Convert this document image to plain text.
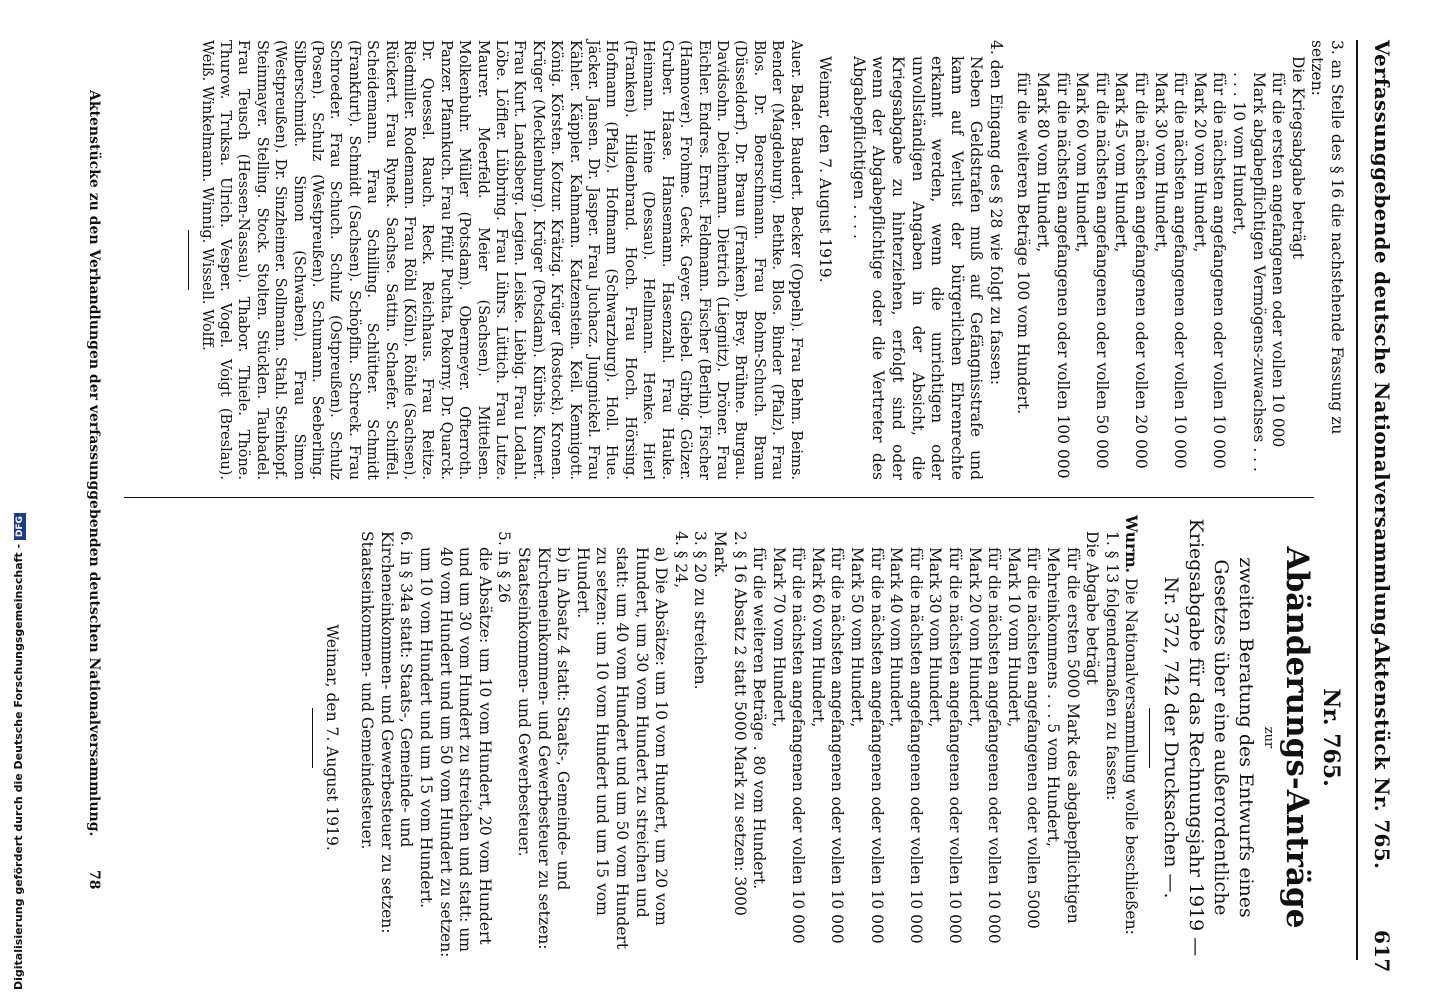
Verfassunggebende deutsche Nationalversammlung.
Aktenstück Nr. 765.
617

3. an Stelle des § 16 die nachstehende Fassung zu setzen:

Die Kriegsabgabe beträgt

für die ersten angefangenen oder vollen 10 000 Mark abgabepflichtigen Vermögens-zuwachses . . . . . . 10 vom Hundert,

für die nächsten angefangenen oder vollen 10 000 Mark 20 vom Hundert,

für die nächsten angefangenen oder vollen 10 000 Mark 30 vom Hundert,

für die nächsten angefangenen oder vollen 20 000 Mark 45 vom Hundert,

für die nächsten angefangenen oder vollen 50 000 Mark 60 vom Hundert,

für die nächsten angefangenen oder vollen 100 000 Mark 80 vom Hundert,

für die weiteren Beträge 100 vom Hundert.

4. den Eingang des § 28 wie folgt zu fassen:

Neben Geldstrafen muß auf Gefängnisstrafe und kann auf Verlust der bürgerlichen Ehrenrechte erkannt werden, wenn die unrichtigen oder unvollständigen Angaben in der Absicht, die Kriegsabgabe zu hinterziehen, erfolgt sind oder wenn der Abgabepflichtige oder die Vertreter des Abgabepflichtigen . . . .

Weimar, den 7. August 1919.

Auer. Bader. Baudert. Becker (Oppeln). Frau Behm. Beims. Bender (Magdeburg). Bethke. Blos. Binder (Pfalz). Frau Blos. Dr. Boerschmann. Frau Bohm-Schuch. Braun (Düsseldorf). Dr. Braun (Franken). Brey. Brühne. Burgau. Davidsohn. Deichmann. Dietrich (Liegnitz). Dröner. Frau Eichler. Endres. Ernst. Feldmann. Fischer (Berlin). Fischer (Hannover). Frohme. Geck. Geyer. Giebel. Girbig. Gölzer. Gruber. Haase. Hansemann. Hasenzahl. Frau Hauke. Heimann. Heine (Dessau). Hellmann. Henke. Hierl (Franken). Hildenbrand. Hoch. Frau Hoch. Hörsing. Hofmann (Pfalz). Hofmann (Schwarzburg). Holl. Hue. Jäcker. Jansen. Dr. Jasper. Frau Juchacz. Jungnickel. Frau Kähler. Käppler. Kahmann. Katzenstein. Keil. Kennigott. König. Körsten. Kotzur. Krätzig. Krüger (Rostock). Kronen. Krüger (Mecklenburg). Krüger (Potsdam). Kürbis. Kunert. Frau Kurt. Landsberg. Legien. Leiske. Liebig. Frau Lodahl. Löbe. Löffler. Lübbring. Frau Lührs. Lüttich. Frau Lutze. Maurer. Meerfeld. Meier (Sachsen). Mittelsen. Molkenbuhr. Müller (Potsdam). Obermeyer. Ofterroth. Panzer. Pfannkuch. Frau Pfülf. Puchta. Pokorny. Dr. Quarck. Dr. Quessel. Rauch. Reck. Reichhaus. Frau Reitze. Riedmiller. Rodemann. Frau Röhl (Köln). Röhle (Sachsen). Rückert. Frau Rynek. Sachse. Sattin. Schaefer. Schiffel. Scheidemann. Frau Schilling. Schlütter. Schmidt (Frankfurt). Schmidt (Sachsen). Schöpflin. Schreck. Frau Schroeder. Frau Schuch. Schulz (Ostpreußen). Schulz (Posen). Schulz (Westpreußen). Schumann. Seeberling. Silberschmidt. Simon (Schwaben). Frau Simon (Westpreußen). Dr. Sinzheimer. Sollmann. Stahl. Steinkopf. Steinmayer. Stelling. Stock. Stolten. Stücklen. Taubadel. Frau Teusch (Hessen-Nassau). Thabor. Thiele. Thöne. Thurow. Truksa. Ulrich. Vesper. Vogel. Voigt (Breslau). Weiß. Winkelmann. Winnig. Wissell. Wolff.

Nr. 765.

Abänderungs-Anträge

zur

zweiten Beratung des Entwurfs eines Gesetzes über eine außerordentliche Kriegsabgabe für das Rechnungsjahr 1919 — Nr. 372, 742 der Drucksachen —.

Wurm. Die Nationalversammlung wolle beschließen:

1. § 13 folgendermaßen zu fassen:

Die Abgabe beträgt

für die ersten 5000 Mark des abgabepflichtigen Mehreinkommens . . . 5 vom Hundert,

für die nächsten angefangenen oder vollen 5000 Mark 10 vom Hundert,

für die nächsten angefangenen oder vollen 10 000 Mark 20 vom Hundert,

für die nächsten angefangenen oder vollen 10 000 Mark 30 vom Hundert,

für die nächsten angefangenen oder vollen 10 000 Mark 40 vom Hundert,

für die nächsten angefangenen oder vollen 10 000 Mark 50 vom Hundert,

für die nächsten angefangenen oder vollen 10 000 Mark 60 vom Hundert,

für die nächsten angefangenen oder vollen 10 000 Mark 70 vom Hundert,

für die weiteren Beträge . 80 vom Hundert.

2. § 16 Absatz 2 statt 5000 Mark zu setzen: 3000 Mark.

3. § 20 zu streichen.

4. § 24,

a) Die Absätze: um 10 vom Hundert, um 20 vom Hundert, um 30 vom Hundert zu streichen und statt: um 40 vom Hundert und um 50 vom Hundert zu setzen: um 10 vom Hundert und um 15 vom Hundert.

b) in Absatz 4 statt: Staats-, Gemeinde- und Kircheneinkommen- und Gewerbesteuer zu setzen: Staatseinkommen- und Gewerbesteuer.

5. in § 26

die Absätze: um 10 vom Hundert, 20 vom Hundert und um 30 vom Hundert zu streichen und statt: um 40 vom Hundert und um 50 vom Hundert zu setzen: um 10 vom Hundert und um 15 vom Hundert.

6. in § 34a statt: Staats-, Gemeinde- und Kircheneinkommen- und Gewerbesteuer zu setzen: Staatseinkommen- und Gemeindesteuer.

Weimar, den 7. August 1919.

Aktenstücke zu den Verhandlungen der verfassunggebenden deutschen Nationalversammlung.
78
Digitalisierung gefördert durch die Deutsche Forschungsgemeinschaft - DFG
